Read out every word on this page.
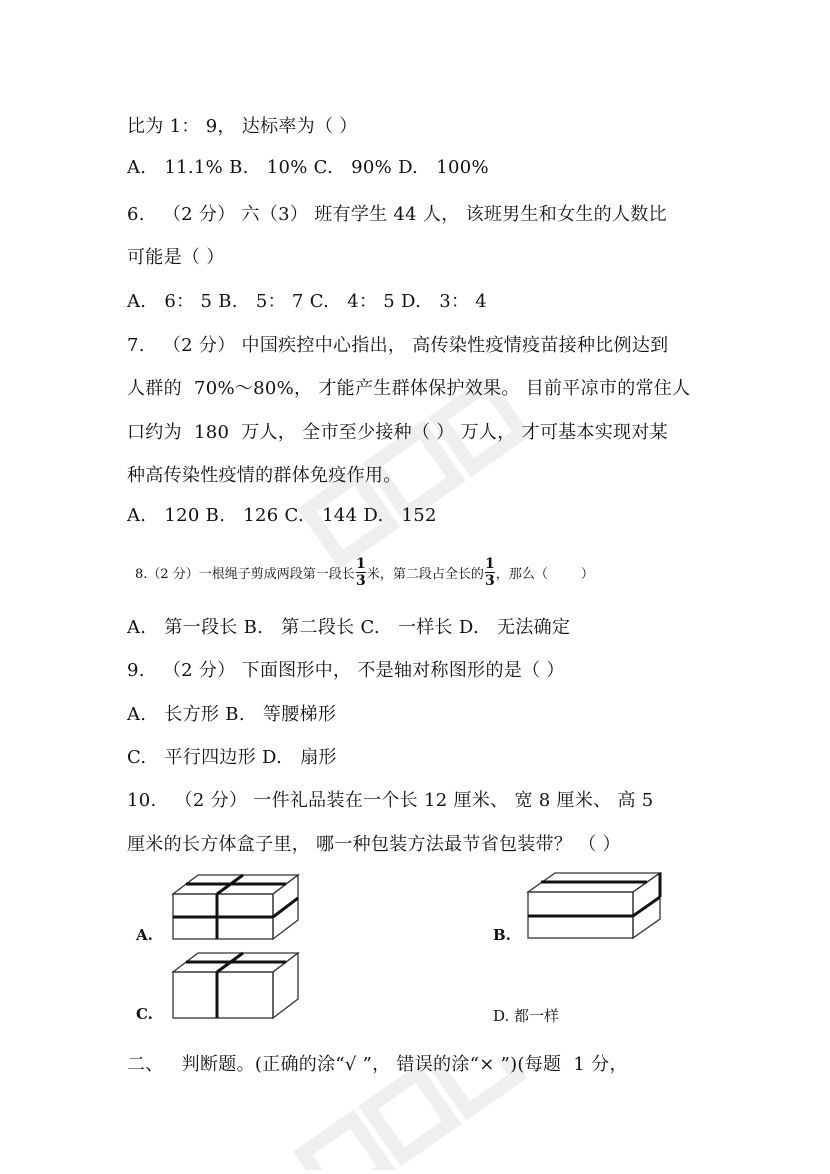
比为 1： 9， 达标率为（ ）
A.   11.1% B.   10% C.   90% D.   100%
6.   （2 分） 六（3） 班有学生 44 人， 该班男生和女生的人数比
可能是（ ）
A.   6： 5 B.   5： 7 C.   4： 5 D.   3： 4
7.   （2 分） 中国疾控中心指出， 高传染性疫情疫苗接种比例达到
人群的  70%～80%， 才能产生群体保护效果。 目前平凉市的常住人
口约为  180  万人， 全市至少接种（ ） 万人， 才可基本实现对某
种高传染性疫情的群体免疫作用。
A.   120 B.   126 C.   144 D.   152
8.（2 分）一根绳子剪成两段第一段长 $\frac{1}{3}$ 米，第二段占全长的 $\frac{1}{3}$ ，那么（        ）
A.   第一段长 B.   第二段长 C.   一样长 D.   无法确定
9.   （2 分） 下面图形中， 不是轴对称图形的是（ ）
A.   长方形 B.   等腰梯形
C.   平行四边形 D.   扇形
10.   （2 分） 一件礼品装在一个长 12 厘米、 宽 8 厘米、 高 5
厘米的长方体盒子里， 哪一种包装方法最节省包装带？ （ ）
A.	B.
C.	D. 都一样
二、   判断题。(正确的涂“√ ”， 错误的涂“× ”)(每题  1 分，
